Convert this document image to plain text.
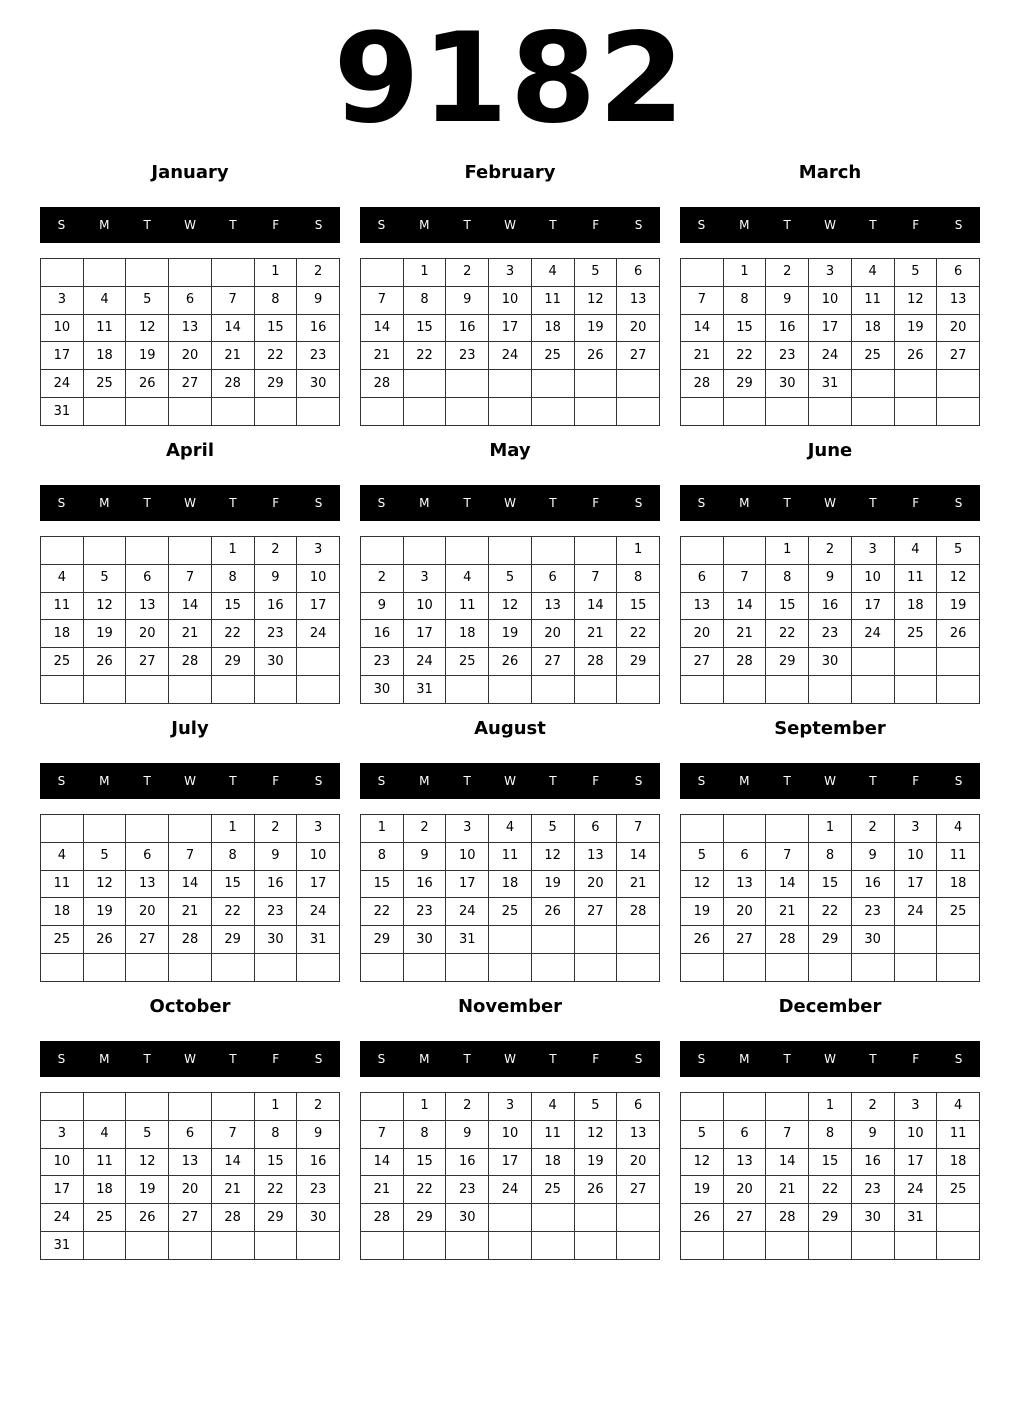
9182
January
S	M	T	W	T	F	S
					1	2
3	4	5	6	7	8	9
10	11	12	13	14	15	16
17	18	19	20	21	22	23
24	25	26	27	28	29	30
31						
February
S	M	T	W	T	F	S
	1	2	3	4	5	6
7	8	9	10	11	12	13
14	15	16	17	18	19	20
21	22	23	24	25	26	27
28						

March
S	M	T	W	T	F	S
	1	2	3	4	5	6
7	8	9	10	11	12	13
14	15	16	17	18	19	20
21	22	23	24	25	26	27
28	29	30	31			

April
S	M	T	W	T	F	S
				1	2	3
4	5	6	7	8	9	10
11	12	13	14	15	16	17
18	19	20	21	22	23	24
25	26	27	28	29	30	

May
S	M	T	W	T	F	S
						1
2	3	4	5	6	7	8
9	10	11	12	13	14	15
16	17	18	19	20	21	22
23	24	25	26	27	28	29
30	31					
June
S	M	T	W	T	F	S
		1	2	3	4	5
6	7	8	9	10	11	12
13	14	15	16	17	18	19
20	21	22	23	24	25	26
27	28	29	30			

July
S	M	T	W	T	F	S
				1	2	3
4	5	6	7	8	9	10
11	12	13	14	15	16	17
18	19	20	21	22	23	24
25	26	27	28	29	30	31

August
S	M	T	W	T	F	S
1	2	3	4	5	6	7
8	9	10	11	12	13	14
15	16	17	18	19	20	21
22	23	24	25	26	27	28
29	30	31				

September
S	M	T	W	T	F	S
			1	2	3	4
5	6	7	8	9	10	11
12	13	14	15	16	17	18
19	20	21	22	23	24	25
26	27	28	29	30		

October
S	M	T	W	T	F	S
					1	2
3	4	5	6	7	8	9
10	11	12	13	14	15	16
17	18	19	20	21	22	23
24	25	26	27	28	29	30
31						
November
S	M	T	W	T	F	S
	1	2	3	4	5	6
7	8	9	10	11	12	13
14	15	16	17	18	19	20
21	22	23	24	25	26	27
28	29	30				

December
S	M	T	W	T	F	S
			1	2	3	4
5	6	7	8	9	10	11
12	13	14	15	16	17	18
19	20	21	22	23	24	25
26	27	28	29	30	31	
